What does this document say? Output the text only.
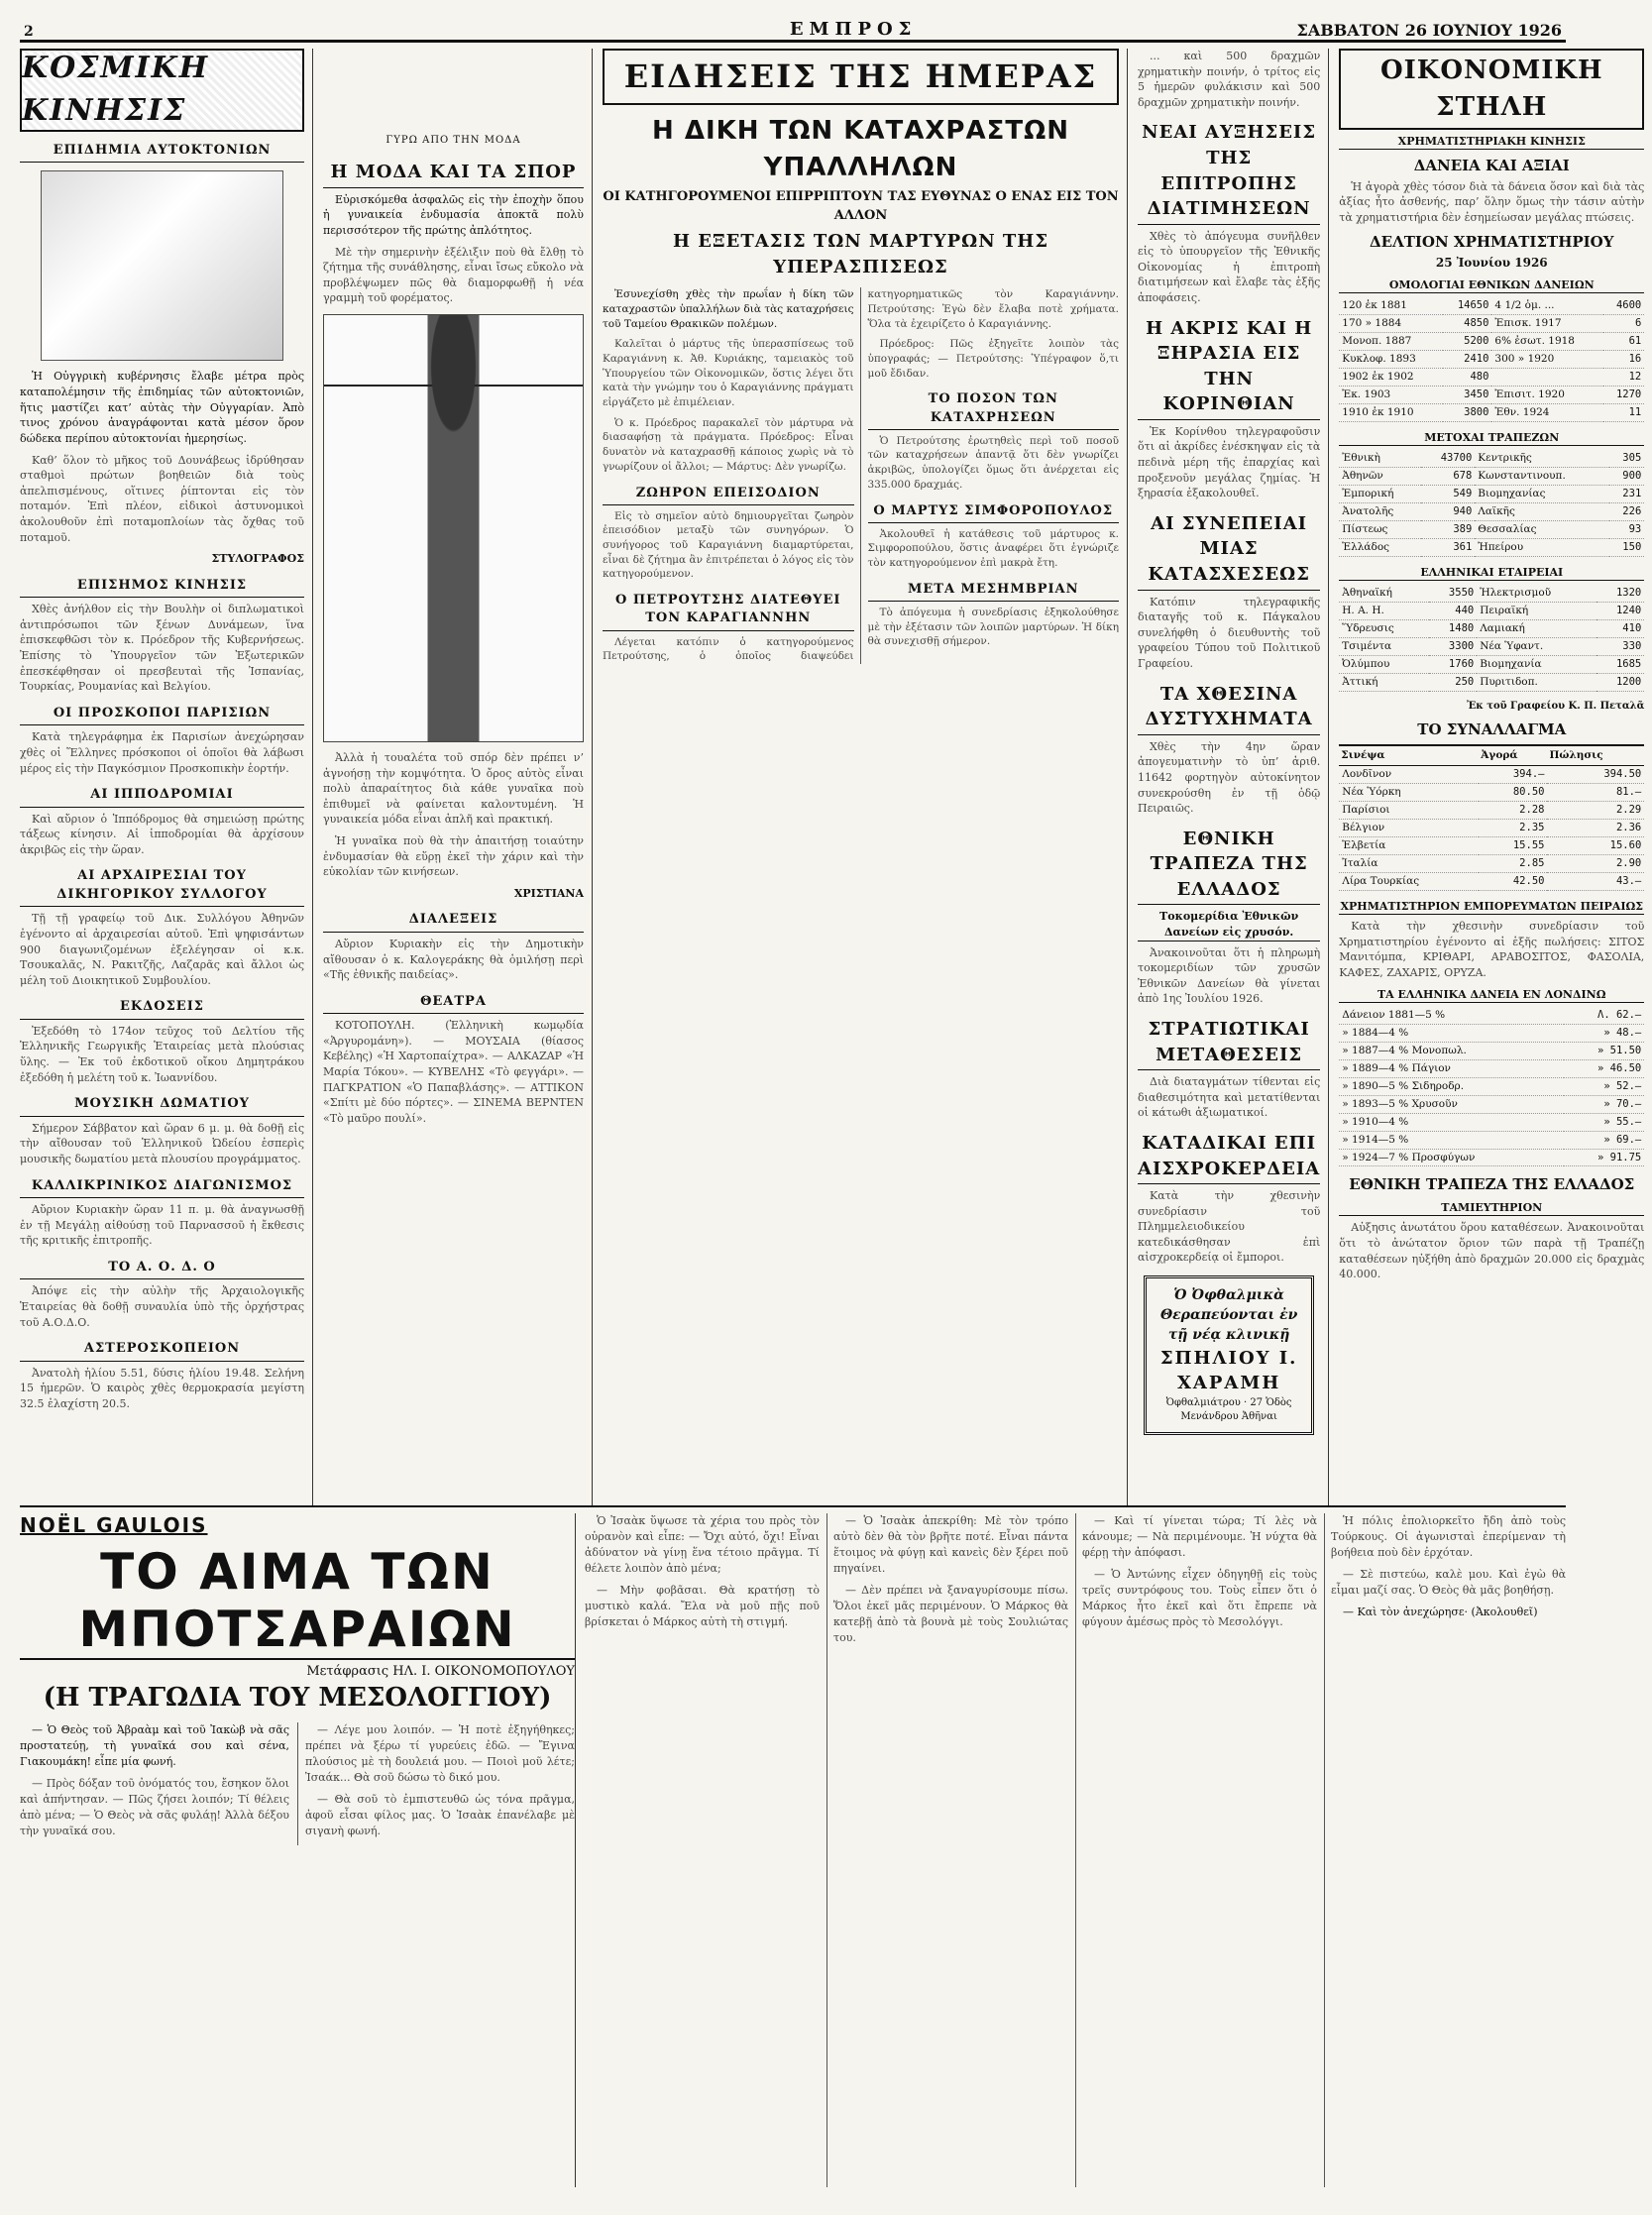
2	ΕΜΠΡΟΣ	ΣΑΒΒΑΤΟΝ 26 ΙΟΥΝΙΟΥ 1926
ΚΟΣΜΙΚΗ ΚΙΝΗΣΙΣ
ΕΠΙΔΗΜΙΑ ΑΥΤΟΚΤΟΝΙΩΝ

Ἡ Οὐγγρικὴ κυβέρνησις ἔλαβε μέτρα πρὸς καταπολέμησιν τῆς ἐπιδημίας τῶν αὐτοκτονιῶν, ἥτις μαστίζει κατ’ αὐτὰς τὴν Οὐγγαρίαν. Ἀπὸ τινος χρόνου ἀναγράφονται κατὰ μέσον ὅρον δώδεκα περίπου αὐτοκτονίαι ἡμερησίως.

Καθ’ ὅλον τὸ μῆκος τοῦ Δουνάβεως ἱδρύθησαν σταθμοὶ πρώτων βοηθειῶν διὰ τοὺς ἀπελπισμένους, οἵτινες ῥίπτονται εἰς τὸν ποταμόν. Ἐπὶ πλέον, εἰδικοὶ ἀστυνομικοὶ ἀκολουθοῦν ἐπὶ ποταμοπλοίων τὰς ὄχθας τοῦ ποταμοῦ.

ΣΤΥΛΟΓΡΑΦΟΣ

ΕΠΙΣΗΜΟΣ ΚΙΝΗΣΙΣ

Χθὲς ἀνήλθον εἰς τὴν Βουλὴν οἱ διπλωματικοὶ ἀντιπρόσωποι τῶν ξένων Δυνάμεων, ἵνα ἐπισκεφθῶσι τὸν κ. Πρόεδρον τῆς Κυβερνήσεως. Ἐπίσης τὸ Ὑπουργεῖον τῶν Ἐξωτερικῶν ἐπεσκέφθησαν οἱ πρεσβευταὶ τῆς Ἰσπανίας, Τουρκίας, Ρουμανίας καὶ Βελγίου.

ΟΙ ΠΡΟΣΚΟΠΟΙ ΠΑΡΙΣΙΩΝ

Κατὰ τηλεγράφημα ἐκ Παρισίων ἀνεχώρησαν χθὲς οἱ Ἕλληνες πρόσκοποι οἱ ὁποῖοι θὰ λάβωσι μέρος εἰς τὴν Παγκόσμιον Προσκοπικὴν ἑορτήν.

ΑΙ ΙΠΠΟΔΡΟΜΙΑΙ

Καὶ αὔριον ὁ Ἱππόδρομος θὰ σημειώσῃ πρώτης τάξεως κίνησιν. Αἱ ἱπποδρομίαι θὰ ἀρχίσουν ἀκριβῶς εἰς τὴν ὥραν.

ΑΙ ΑΡΧΑΙΡΕΣΙΑΙ ΤΟΥ ΔΙΚΗΓΟΡΙΚΟΥ ΣΥΛΛΟΓΟΥ

Τῇ τῇ γραφείῳ τοῦ Δικ. Συλλόγου Ἀθηνῶν ἐγένοντο αἱ ἀρχαιρεσίαι αὐτοῦ. Ἐπὶ ψηφισάντων 900 διαγωνιζομένων ἐξελέγησαν οἱ κ.κ. Τσουκαλᾶς, Ν. Ρακιτζῆς, Λαζαρᾶς καὶ ἄλλοι ὡς μέλη τοῦ Διοικητικοῦ Συμβουλίου.

ΕΚΔΟΣΕΙΣ

Ἐξεδόθη τὸ 174ον τεῦχος τοῦ Δελτίου τῆς Ἑλληνικῆς Γεωργικῆς Ἑταιρείας μετὰ πλούσιας ὕλης. — Ἐκ τοῦ ἐκδοτικοῦ οἴκου Δημητράκου ἐξεδόθη ἡ μελέτη τοῦ κ. Ἰωαννίδου.

ΜΟΥΣΙΚΗ ΔΩΜΑΤΙΟΥ

Σήμερον Σάββατον καὶ ὥραν 6 μ. μ. θὰ δοθῇ εἰς τὴν αἴθουσαν τοῦ Ἑλληνικοῦ Ὠδείου ἐσπερὶς μουσικῆς δωματίου μετὰ πλουσίου προγράμματος.

ΚΑΛΛΙΚΡΙΝΙΚΟΣ ΔΙΑΓΩΝΙΣΜΟΣ

Αὔριον Κυριακὴν ὥραν 11 π. μ. θὰ ἀναγνωσθῇ ἐν τῇ Μεγάλῃ αἰθούσῃ τοῦ Παρνασσοῦ ἡ ἔκθεσις τῆς κριτικῆς ἐπιτροπῆς.

ΤΟ Α. Ο. Δ. Ο

Ἀπόψε εἰς τὴν αὐλὴν τῆς Ἀρχαιολογικῆς Ἑταιρείας θὰ δοθῇ συναυλία ὑπὸ τῆς ὀρχήστρας τοῦ Α.Ο.Δ.Ο.

ΑΣΤΕΡΟΣΚΟΠΕΙΟΝ

Ἀνατολὴ ἡλίου 5.51, δύσις ἡλίου 19.48. Σελήνη 15 ἡμερῶν. Ὁ καιρὸς χθὲς θερμοκρασία μεγίστη 32.5 ἐλαχίστη 20.5.

ΓΥΡΩ ΑΠΟ ΤΗΝ ΜΟΔΑ
Η ΜΟΔΑ ΚΑΙ ΤΑ ΣΠΟΡ

Εὐρισκόμεθα ἀσφαλῶς εἰς τὴν ἐποχὴν ὅπου ἡ γυναικεία ἐνδυμασία ἀποκτᾶ πολὺ περισσότερον τῆς πρώτης ἀπλότητος.

Μὲ τὴν σημερινὴν ἐξέλιξιν ποὺ θὰ ἔλθῃ τὸ ζήτημα τῆς συνάθλησης, εἶναι ἴσως εὔκολο νὰ προβλέψωμεν πῶς θὰ διαμορφωθῇ ἡ νέα γραμμὴ τοῦ φορέματος.

Ἀλλὰ ἡ τουαλέτα τοῦ σπόρ δὲν πρέπει ν’ ἀγνοήσῃ τὴν κομψότητα. Ὁ ὄρος αὐτὸς εἶναι πολὺ ἀπαραίτητος διὰ κάθε γυναῖκα ποὺ ἐπιθυμεῖ νὰ φαίνεται καλοντυμένη. Ἡ γυναικεία μόδα εἶναι ἀπλῆ καὶ πρακτική.

Ἡ γυναῖκα ποὺ θὰ τὴν ἀπαιτήσῃ τοιαύτην ἐνδυμασίαν θὰ εὕρῃ ἐκεῖ τὴν χάριν καὶ τὴν εὐκολίαν τῶν κινήσεων.

ΧΡΙΣΤΙΑΝΑ

ΔΙΑΛΕΞΕΙΣ

Αὔριον Κυριακὴν εἰς τὴν Δημοτικὴν αἴθουσαν ὁ κ. Καλογεράκης θὰ ὁμιλήσῃ περὶ «Τῆς ἐθνικῆς παιδείας».

ΘΕΑΤΡΑ

ΚΟΤΟΠΟΥΛΗ. (Ἑλληνικὴ κωμῳδία «Ἀργυρομάνη»). — ΜΟΥΣΑΙΑ (θίασος Κεβέλης) «Ἡ Χαρτοπαίχτρα». — ΑΛΚΑΖΑΡ «Ἡ Μαρία Τόκου». — ΚΥΒΕΛΗΣ «Τὸ φεγγάρι». — ΠΑΓΚΡΑΤΙΟΝ «Ὁ Παπαβλάσης». — ΑΤΤΙΚΟΝ «Σπίτι μὲ δύο πόρτες». — ΣΙΝΕΜΑ ΒΕΡΝΤΕΝ «Τὸ μαῦρο πουλί».

ΕΙΔΗΣΕΙΣ ΤΗΣ ΗΜΕΡΑΣ
Η ΔΙΚΗ ΤΩΝ ΚΑΤΑΧΡΑΣΤΩΝ ΥΠΑΛΛΗΛΩΝ
ΟΙ ΚΑΤΗΓΟΡΟΥΜΕΝΟΙ ΕΠΙΡΡΙΠΤΟΥΝ ΤΑΣ ΕΥΘΥΝΑΣ Ο ΕΝΑΣ ΕΙΣ ΤΟΝ ΑΛΛΟΝ
Η ΕΞΕΤΑΣΙΣ ΤΩΝ ΜΑΡΤΥΡΩΝ ΤΗΣ ΥΠΕΡΑΣΠΙΣΕΩΣ

Ἐσυνεχίσθη χθὲς τὴν πρωΐαν ἡ δίκη τῶν καταχραστῶν ὑπαλλήλων διὰ τὰς καταχρήσεις τοῦ Ταμείου Θρακικῶν πολέμων.

Καλεῖται ὁ μάρτυς τῆς ὑπερασπίσεως τοῦ Καραγιάννη κ. Ἀθ. Κυριάκης, ταμειακὸς τοῦ Ὑπουργείου τῶν Οἰκονομικῶν, ὅστις λέγει ὅτι κατὰ τὴν γνώμην του ὁ Καραγιάννης πράγματι εἰργάζετο μὲ ἐπιμέλειαν.

Ὁ κ. Πρόεδρος παρακαλεῖ τὸν μάρτυρα νὰ διασαφήσῃ τὰ πράγματα. Πρόεδρος: Εἶναι δυνατὸν νὰ καταχρασθῇ κάποιος χωρὶς νὰ τὸ γνωρίζουν οἱ ἄλλοι; — Μάρτυς: Δὲν γνωρίζω.

ΖΩΗΡΟΝ ΕΠΕΙΣΟΔΙΟΝ

Εἰς τὸ σημεῖον αὐτὸ δημιουργεῖται ζωηρὸν ἐπεισόδιον μεταξὺ τῶν συνηγόρων. Ὁ συνήγορος τοῦ Καραγιάννη διαμαρτύρεται, εἶναι δὲ ζήτημα ἂν ἐπιτρέπεται ὁ λόγος εἰς τὸν κατηγορούμενον.

Ο ΠΕΤΡΟΥΤΣΗΣ ΔΙΑΤΕΘΥΕΙ ΤΟΝ ΚΑΡΑΓΙΑΝΝΗΝ

Λέγεται κατόπιν ὁ κατηγορούμενος Πετρούτσης, ὁ ὁποῖος διαψεύδει κατηγορηματικῶς τὸν Καραγιάννην. Πετρούτσης: Ἐγὼ δὲν ἔλαβα ποτὲ χρήματα. Ὅλα τὰ ἐχειρίζετο ὁ Καραγιάννης.

Πρόεδρος: Πῶς ἐξηγεῖτε λοιπὸν τὰς ὑπογραφάς; — Πετρούτσης: Ὑπέγραφον ὅ,τι μοῦ ἔδιδαν.

ΤΟ ΠΟΣΟΝ ΤΩΝ ΚΑΤΑΧΡΗΣΕΩΝ

Ὁ Πετρούτσης ἐρωτηθεὶς περὶ τοῦ ποσοῦ τῶν καταχρήσεων ἀπαντᾷ ὅτι δὲν γνωρίζει ἀκριβῶς, ὑπολογίζει ὅμως ὅτι ἀνέρχεται εἰς 335.000 δραχμάς.

Ο ΜΑΡΤΥΣ ΣΙΜΦΟΡΟΠΟΥΛΟΣ

Ἀκολουθεῖ ἡ κατάθεσις τοῦ μάρτυρος κ. Σιμφοροπούλου, ὅστις ἀναφέρει ὅτι ἐγνώριζε τὸν κατηγορούμενον ἐπὶ μακρὰ ἔτη.

ΜΕΤΑ ΜΕΣΗΜΒΡΙΑΝ

Τὸ ἀπόγευμα ἡ συνεδρίασις ἐξηκολούθησε μὲ τὴν ἐξέτασιν τῶν λοιπῶν μαρτύρων. Ἡ δίκη θὰ συνεχισθῇ σήμερον.

... καὶ 500 δραχμῶν χρηματικὴν ποινήν, ὁ τρίτος εἰς 5 ἡμερῶν φυλάκισιν καὶ 500 δραχμῶν χρηματικὴν ποινήν.

ΝΕΑΙ ΑΥΞΗΣΕΙΣ ΤΗΣ ΕΠΙΤΡΟΠΗΣ ΔΙΑΤΙΜΗΣΕΩΝ

Χθὲς τὸ ἀπόγευμα συνῆλθεν εἰς τὸ ὑπουργεῖον τῆς Ἐθνικῆς Οἰκονομίας ἡ ἐπιτροπὴ διατιμήσεων καὶ ἔλαβε τὰς ἑξῆς ἀποφάσεις.

Η ΑΚΡΙΣ ΚΑΙ Η ΞΗΡΑΣΙΑ ΕΙΣ ΤΗΝ ΚΟΡΙΝΘΙΑΝ

Ἐκ Κορίνθου τηλεγραφοῦσιν ὅτι αἱ ἀκρίδες ἐνέσκηψαν εἰς τὰ πεδινὰ μέρη τῆς ἐπαρχίας καὶ προξενοῦν μεγάλας ζημίας. Ἡ ξηρασία ἐξακολουθεῖ.

ΑΙ ΣΥΝΕΠΕΙΑΙ ΜΙΑΣ ΚΑΤΑΣΧΕΣΕΩΣ

Κατόπιν τηλεγραφικῆς διαταγῆς τοῦ κ. Πάγκαλου συνελήφθη ὁ διευθυντὴς τοῦ γραφείου Τύπου τοῦ Πολιτικοῦ Γραφείου.

ΤΑ ΧΘΕΣΙΝΑ ΔΥΣΤΥΧΗΜΑΤΑ

Χθὲς τὴν 4ην ὥραν ἀπογευματινὴν τὸ ὑπ’ ἀριθ. 11642 φορτηγὸν αὐτοκίνητον συνεκρούσθη ἐν τῇ ὁδῷ Πειραιῶς.

ΕΘΝΙΚΗ ΤΡΑΠΕΖΑ ΤΗΣ ΕΛΛΑΔΟΣ
Τοκομερίδια Ἐθνικῶν Δανείων εἰς χρυσόν.

Ἀνακοινοῦται ὅτι ἡ πληρωμὴ τοκομεριδίων τῶν χρυσῶν Ἐθνικῶν Δανείων θὰ γίνεται ἀπὸ 1ης Ἰουλίου 1926.

ΣΤΡΑΤΙΩΤΙΚΑΙ ΜΕΤΑΘΕΣΕΙΣ

Διὰ διαταγμάτων τίθενται εἰς διαθεσιμότητα καὶ μετατίθενται οἱ κάτωθι ἀξιωματικοί.

ΚΑΤΑΔΙΚΑΙ ΕΠΙ ΑΙΣΧΡΟΚΕΡΔΕΙΑ

Κατὰ τὴν χθεσινὴν συνεδρίασιν τοῦ Πλημμελειοδικείου κατεδικάσθησαν ἐπὶ αἰσχροκερδείᾳ οἱ ἔμποροι.

Ὁ Ὀφθαλμικὰ Θεραπεύονται ἐν τῇ νέᾳ κλινικῇ
ΣΠΗΛΙΟΥ Ι. ΧΑΡΑΜΗ
Ὀφθαλμιάτρου · 27 Ὁδὸς Μενάνδρου Ἀθῆναι
ΟΙΚΟΝΟΜΙΚΗ ΣΤΗΛΗ
ΧΡΗΜΑΤΙΣΤΗΡΙΑΚΗ ΚΙΝΗΣΙΣ
ΔΑΝΕΙΑ ΚΑΙ ΑΞΙΑΙ

Ἡ ἀγορὰ χθὲς τόσον διὰ τὰ δάνεια ὅσον καὶ διὰ τὰς ἀξίας ἦτο ἀσθενής, παρ’ ὅλην ὅμως τὴν τάσιν αὐτὴν τὰ χρηματιστήρια δὲν ἐσημείωσαν μεγάλας πτώσεις.

ΔΕΛΤΙΟΝ ΧΡΗΜΑΤΙΣΤΗΡΙΟΥ
25 Ἰουνίου 1926
ΟΜΟΛΟΓΙΑΙ ΕΘΝΙΚΩΝ ΔΑΝΕΙΩΝ
120 ἐκ 1881	14650	4 1/2 ὁμ. ...	4600
170 » 1884	4850	Ἐπισκ. 1917	6
Μονοπ. 1887	5200	6% ἐσωτ. 1918	61
Κυκλοφ. 1893	2410	300 » 1920	16
1902 ἐκ 1902	480		12
Ἐκ. 1903	3450	Ἐπισιτ. 1920	1270
1910 ἐκ 1910	3800	Ἐθν. 1924	11
ΜΕΤΟΧΑΙ ΤΡΑΠΕΖΩΝ
Ἐθνικὴ	43700	Κεντρικῆς	305
Ἀθηνῶν	678	Κωνσταντινουπ.	900
Ἐμπορική	549	Βιομηχανίας	231
Ἀνατολῆς	940	Λαϊκῆς	226
Πίστεως	389	Θεσσαλίας	93
Ἑλλάδος	361	Ἠπείρου	150
ΕΛΛΗΝΙΚΑΙ ΕΤΑΙΡΕΙΑΙ
Ἀθηναϊκή	3550	Ἡλεκτρισμοῦ	1320
Η. Α. Η.	440	Πειραϊκή	1240
Ὕδρευσις	1480	Λαμιακή	410
Τσιμέντα	3300	Νέα Ὑφαντ.	330
Ὀλύμπου	1760	Βιομηχανία	1685
Ἀττική	250	Πυριτιδοπ.	1200
Ἐκ τοῦ Γραφείου Κ. Π. Πεταλᾶ
ΤΟ ΣΥΝΑΛΛΑΓΜΑ
Σινέψα	Ἀγορά	Πώλησις
Λονδῖνον	394.—	394.50
Νέα Ὑόρκη	80.50	81.—
Παρίσιοι	2.28	2.29
Βέλγιον	2.35	2.36
Ἑλβετία	15.55	15.60
Ἰταλία	2.85	2.90
Λίρα Τουρκίας	42.50	43.—
ΧΡΗΜΑΤΙΣΤΗΡΙΟΝ ΕΜΠΟΡΕΥΜΑΤΩΝ ΠΕΙΡΑΙΩΣ

Κατὰ τὴν χθεσινὴν συνεδρίασιν τοῦ Χρηματιστηρίου ἐγένοντο αἱ ἑξῆς πωλήσεις: ΣΙΤΟΣ Μανιτόμπα, ΚΡΙΘΑΡΙ, ΑΡΑΒΟΣΙΤΟΣ, ΦΑΣΟΛΙΑ, ΚΑΦΕΣ, ΖΑΧΑΡΙΣ, ΟΡΥΖΑ.

ΤΑ ΕΛΛΗΝΙΚΑ ΔΑΝΕΙΑ ΕΝ ΛΟΝΔΙΝΩ
Δάνειον 1881—5 %	Λ. 62.—
» 1884—4 %	» 48.—
» 1887—4 % Μονοπωλ.	» 51.50
» 1889—4 % Πάγιον	» 46.50
» 1890—5 % Σιδηροδρ.	» 52.—
» 1893—5 % Χρυσοῦν	» 70.—
» 1910—4 %	» 55.—
» 1914—5 %	» 69.—
» 1924—7 % Προσφύγων	» 91.75
ΕΘΝΙΚΗ ΤΡΑΠΕΖΑ ΤΗΣ ΕΛΛΑΔΟΣ
ΤΑΜΙΕΥΤΗΡΙΟΝ

Αὐξησις ἀνωτάτου ὅρου καταθέσεων. Ἀνακοινοῦται ὅτι τὸ ἀνώτατον ὅριον τῶν παρὰ τῇ Τραπέζῃ καταθέσεων ηὐξήθη ἀπὸ δραχμῶν 20.000 εἰς δραχμὰς 40.000.

NOËL GAULOIS
ΤΟ ΑΙΜΑ ΤΩΝ ΜΠΟΤΣΑΡΑΙΩΝ
Μετάφρασις ΗΛ. Ι. ΟΙΚΟΝΟΜΟΠΟΥΛΟΥ
(Η ΤΡΑΓΩΔΙΑ ΤΟΥ ΜΕΣΟΛΟΓΓΙΟΥ)

— Ὁ Θεὸς τοῦ Ἀβραὰμ καὶ τοῦ Ἰακὼβ νὰ σᾶς προστατεύῃ, τὴ γυναῖκά σου καὶ σένα, Γιακουμάκη! εἶπε μία φωνή.

— Πρὸς δόξαν τοῦ ὀνόματός του, ἔσηκον ὅλοι καὶ ἀπήντησαν. — Πῶς ζήσει λοιπόν; Τί θέλεις ἀπὸ μένα; — Ὁ Θεὸς νὰ σᾶς φυλάῃ! Ἀλλὰ δέξου τὴν γυναῖκά σου.

— Λέγε μου λοιπόν. — Ἡ ποτὲ ἐξηγήθηκες; πρέπει νὰ ξέρω τί γυρεύεις ἐδῶ. — Ἔγινα πλούσιος μὲ τὴ δουλειά μου. — Ποιοὶ μοῦ λέτε; Ἰσαάκ... Θὰ σοῦ δώσω τὸ δικό μου.

— Θὰ σοῦ τὸ ἐμπιστευθῶ ὡς τόνα πρᾶγμα, ἀφοῦ εἶσαι φίλος μας. Ὁ Ἰσαὰκ ἐπανέλαβε μὲ σιγανὴ φωνή.

Ὁ Ἰσαὰκ ὕψωσε τὰ χέρια του πρὸς τὸν οὐρανὸν καὶ εἶπε: — Ὄχι αὐτό, ὄχι! Εἶναι ἀδύνατον νὰ γίνῃ ἕνα τέτοιο πρᾶγμα. Τί θέλετε λοιπὸν ἀπὸ μένα;

— Μὴν φοβᾶσαι. Θὰ κρατήσῃ τὸ μυστικὸ καλά. Ἔλα νὰ μοῦ πῇς ποῦ βρίσκεται ὁ Μάρκος αὐτὴ τὴ στιγμή.

— Ὁ Ἰσαὰκ ἀπεκρίθη: Μὲ τὸν τρόπο αὐτὸ δὲν θὰ τὸν βρῆτε ποτέ. Εἶναι πάντα ἕτοιμος νὰ φύγῃ καὶ κανεὶς δὲν ξέρει ποῦ πηγαίνει.

— Δὲν πρέπει νὰ ξαναγυρίσουμε πίσω. Ὅλοι ἐκεῖ μᾶς περιμένουν. Ὁ Μάρκος θὰ κατεβῇ ἀπὸ τὰ βουνὰ μὲ τοὺς Σουλιώτας του.

— Καὶ τί γίνεται τώρα; Τί λὲς νὰ κάνουμε; — Νὰ περιμένουμε. Ἡ νύχτα θὰ φέρῃ τὴν ἀπόφασι.

— Ὁ Ἀντώνης εἶχεν ὁδηγηθῇ εἰς τοὺς τρεῖς συντρόφους του. Τοὺς εἶπεν ὅτι ὁ Μάρκος ἦτο ἐκεῖ καὶ ὅτι ἔπρεπε νὰ φύγουν ἀμέσως πρὸς τὸ Μεσολόγγι.

Ἡ πόλις ἐπολιορκεῖτο ἤδη ἀπὸ τοὺς Τούρκους. Οἱ ἀγωνισταὶ ἐπερίμεναν τὴ βοήθεια ποὺ δὲν ἐρχόταν.

— Σὲ πιστεύω, καλὲ μου. Καὶ ἐγὼ θὰ εἶμαι μαζί σας. Ὁ Θεὸς θὰ μᾶς βοηθήσῃ.

— Καὶ τὸν ἀνεχώρησε· (Ἀκολουθεῖ)
